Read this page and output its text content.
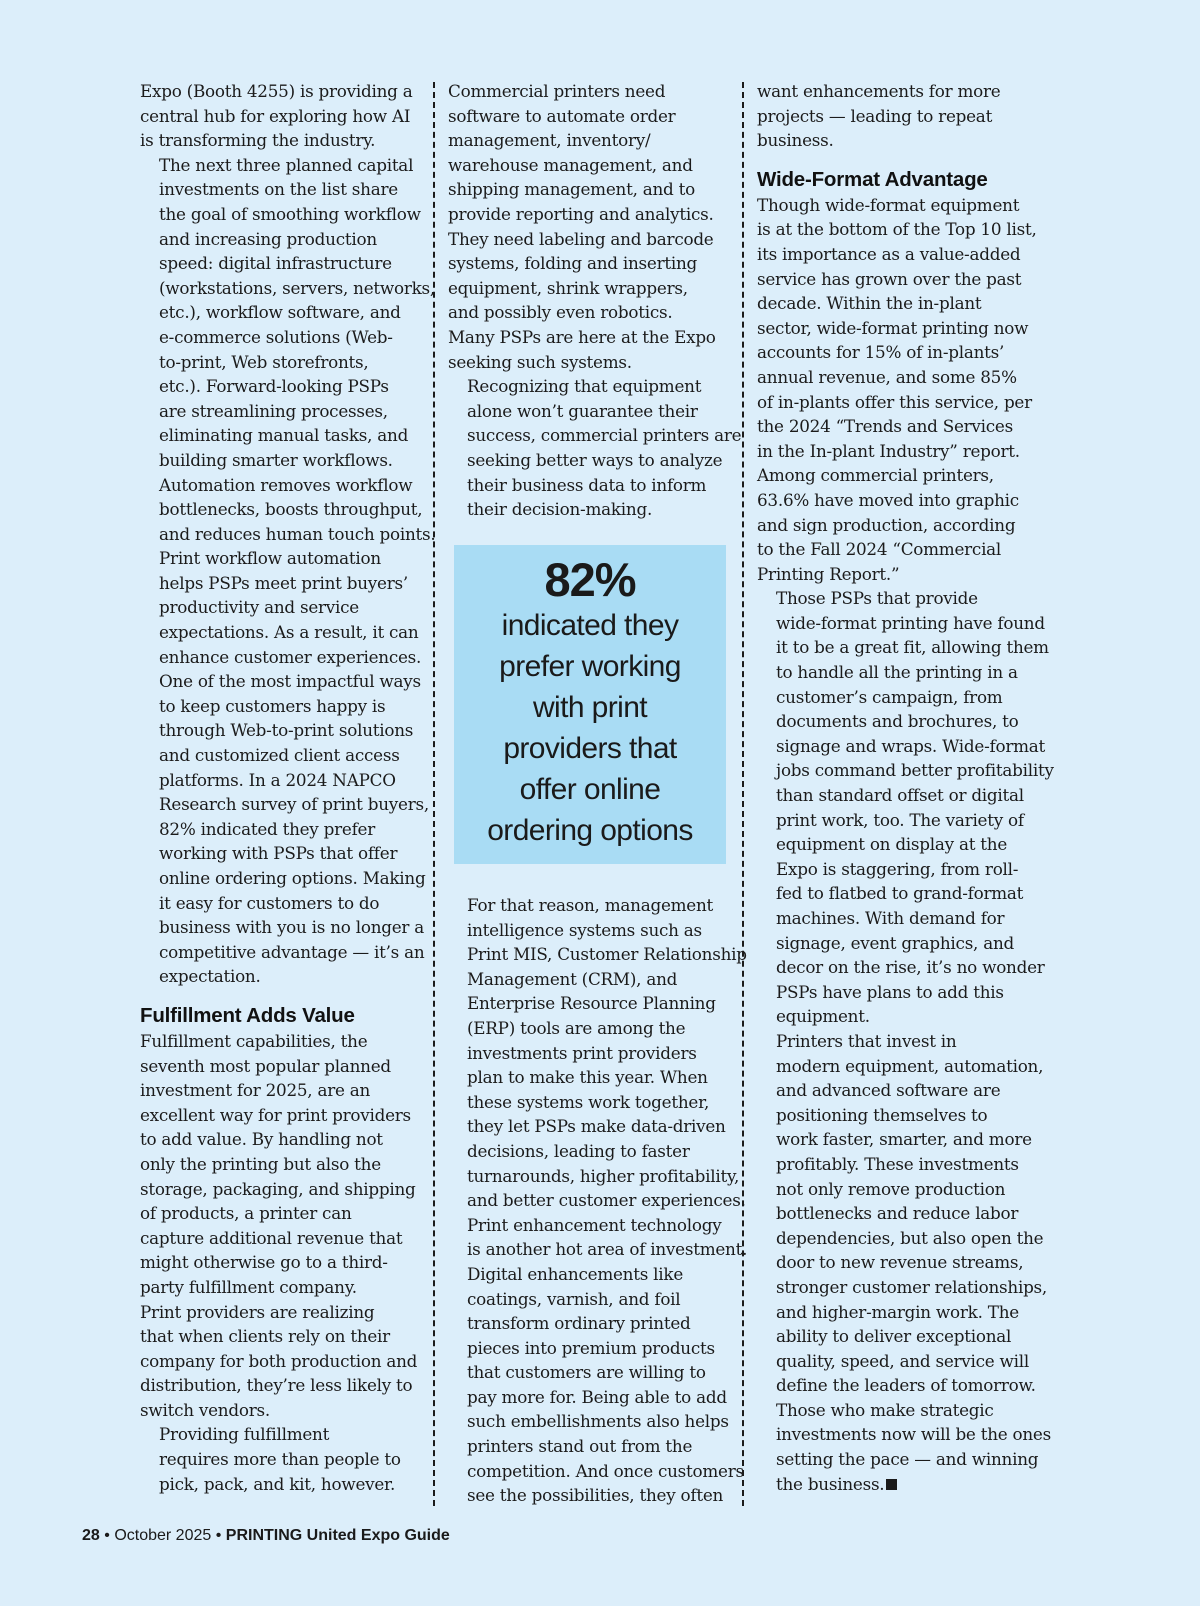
Expo (Booth 4255) is providing a
central hub for exploring how AI
is transforming the industry.

The next three planned capital
investments on the list share
the goal of smoothing workflow
and increasing production
speed: digital infrastructure
(workstations, servers, networks,
etc.), workflow software, and
e-commerce solutions (Web-
to-print, Web storefronts,
etc.). Forward-looking PSPs
are streamlining processes,
eliminating manual tasks, and
building smarter workflows.
Automation removes workflow
bottlenecks, boosts throughput,
and reduces human touch points.

Print workflow automation
helps PSPs meet print buyers’
productivity and service
expectations. As a result, it can
enhance customer experiences.
One of the most impactful ways
to keep customers happy is
through Web-to-print solutions
and customized client access
platforms. In a 2024 NAPCO
Research survey of print buyers,
82% indicated they prefer
working with PSPs that offer
online ordering options. Making
it easy for customers to do
business with you is no longer a
competitive advantage — it’s an
expectation.

Fulfillment Adds Value

Fulfillment capabilities, the
seventh most popular planned
investment for 2025, are an
excellent way for print providers
to add value. By handling not
only the printing but also the
storage, packaging, and shipping
of products, a printer can
capture additional revenue that
might otherwise go to a third-
party fulfillment company.
Print providers are realizing
that when clients rely on their
company for both production and
distribution, they’re less likely to
switch vendors.

Providing fulfillment
requires more than people to
pick, pack, and kit, however.

Commercial printers need
software to automate order
management, inventory/
warehouse management, and
shipping management, and to
provide reporting and analytics.
They need labeling and barcode
systems, folding and inserting
equipment, shrink wrappers,
and possibly even robotics.
Many PSPs are here at the Expo
seeking such systems.

Recognizing that equipment
alone won’t guarantee their
success, commercial printers are
seeking better ways to analyze
their business data to inform
their decision-making.

82%
indicated they
prefer working
with print
providers that
offer online
ordering options

For that reason, management
intelligence systems such as
Print MIS, Customer Relationship
Management (CRM), and
Enterprise Resource Planning
(ERP) tools are among the
investments print providers
plan to make this year. When
these systems work together,
they let PSPs make data-driven
decisions, leading to faster
turnarounds, higher profitability,
and better customer experiences.

Print enhancement technology
is another hot area of investment.
Digital enhancements like
coatings, varnish, and foil
transform ordinary printed
pieces into premium products
that customers are willing to
pay more for. Being able to add
such embellishments also helps
printers stand out from the
competition. And once customers
see the possibilities, they often

want enhancements for more
projects — leading to repeat
business.

Wide-Format Advantage

Though wide-format equipment
is at the bottom of the Top 10 list,
its importance as a value-added
service has grown over the past
decade. Within the in-plant
sector, wide-format printing now
accounts for 15% of in-plants’
annual revenue, and some 85%
of in-plants offer this service, per
the 2024 “Trends and Services
in the In-plant Industry” report.
Among commercial printers,
63.6% have moved into graphic
and sign production, according
to the Fall 2024 “Commercial
Printing Report.”

Those PSPs that provide
wide-format printing have found
it to be a great fit, allowing them
to handle all the printing in a
customer’s campaign, from
documents and brochures, to
signage and wraps. Wide-format
jobs command better profitability
than standard offset or digital
print work, too. The variety of
equipment on display at the
Expo is staggering, from roll-
fed to flatbed to grand-format
machines. With demand for
signage, event graphics, and
decor on the rise, it’s no wonder
PSPs have plans to add this
equipment.

Printers that invest in
modern equipment, automation,
and advanced software are
positioning themselves to
work faster, smarter, and more
profitably. These investments
not only remove production
bottlenecks and reduce labor
dependencies, but also open the
door to new revenue streams,
stronger customer relationships,
and higher-margin work. The
ability to deliver exceptional
quality, speed, and service will
define the leaders of tomorrow.
Those who make strategic
investments now will be the ones
setting the pace — and winning
the business.

28 • October 2025 • PRINTING United Expo Guide
